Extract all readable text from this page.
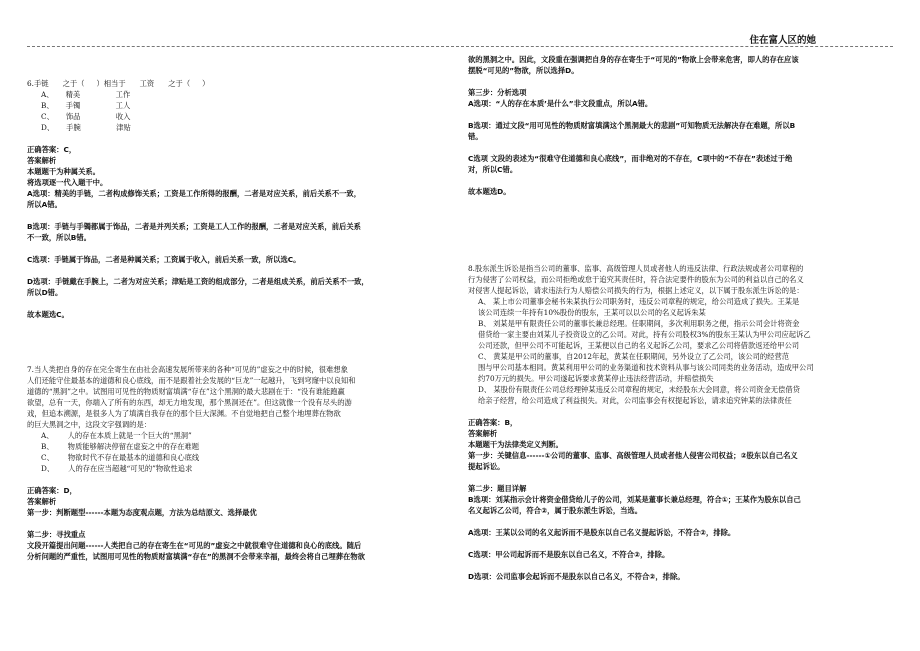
住在富人区的她

6.手链 之于（ ）相当于 工资 之于（ ）

A、 精美	工作

B、 手镯	工人

C、 饰品	收入

D、 手腕	津贴

正确答案：C，

答案解析

本题题干为种属关系。

将选项逐一代入题干中。

A选项：精美的手链，二者构成修饰关系；工资是工作所得的报酬，二者是对应关系，前后关系不一致，

所以A错。

B选项：手链与手镯都属于饰品，二者是并列关系；工资是工人工作的报酬，二者是对应关系，前后关系

不一致，所以B错。

C选项：手链属于饰品，二者是种属关系；工资属于收入，前后关系一致，所以选C。

D选项：手链戴在手腕上，二者为对应关系；津贴是工资的组成部分，二者是组成关系，前后关系不一致，

所以D错。

故本题选C。

7.当人类把自身的存在完全寄生在由社会高速发展所带来的各种“可见的”虚妄之中的时候，很难想象

人们还能守住最基本的道德和良心底线，而不是跟着社会发展的“巨龙”一起越升，飞到穹窿中以良知和

道德的“黑洞”之中。试图用可见性的物质财富填满“存在”这个黑洞的最大悲剧在于：“没有谁能跑赢

欲望，总有一天，你端入了所有的东西，却无力地发现，那个黑洞还在”。但这就像一个没有尽头的游

戏，但追本溯源，是很多人为了填满自我存在的那个巨大深渊。不自觉地把自己整个地埋葬在物欲

的巨大黑洞之中，这段文字强调的是：

A、 人的存在本质上就是一个巨大的“黑洞”

B、 物质能够解决停留在虚妄之中的存在难题

C、 物欲时代不存在最基本的道德和良心底线

D、 人的存在应当超越“可见的”物欲性追求

正确答案：D，

答案解析

第一步：判断题型------本题为态度观点题，方法为总结原文、选择最优

第二步：寻找重点

文段开篇提出问题------人类把自己的存在寄生在“可见的”虚妄之中就很难守住道德和良心的底线。随后

分析问题的严重性，试图用可见性的物质财富填满“存在”的黑洞不会带来幸福，最终会将自己埋葬在物欲

欲的黑洞之中。因此，文段重在强调把自身的存在寄生于“可见的”物欲上会带来危害，即人的存在应该

摆脱“可见的”物欲，所以选择D。

第三步：分析选项

A选项：“人的存在本质’是什么”非文段重点，所以A错。

B选项：通过文段“用可见性的物质财富填满这个黑洞最大的悲剧”可知物质无法解决存在难题，所以B

错。

C选项 文段的表述为“很难守住道德和良心底线”，而非绝对的不存在，C项中的“不存在”表述过于绝

对，所以C错。

故本题选D。

8.股东派生诉讼是指当公司的董事、监事、高级管理人员或者他人的违反法律、行政法规或者公司章程的

行为侵害了公司权益，而公司拒绝或怠于追究其责任时，符合法定要件的股东为公司的利益以自己的名义

对侵害人提起诉讼，请求违法行为人赔偿公司损失的行为，根据上述定义，以下属于股东派生诉讼的是：

A、 某上市公司董事会秘书朱某执行公司职务时，违反公司章程的规定，给公司造成了损失。王某是

该公司连续一年持有10%股份的股东，王某可以以公司的名义起诉朱某

B、 刘某是甲有限责任公司的董事长兼总经理。任职期间，多次利用职务之便，指示公司会计将资金

借贷给一家主要由刘某儿子投资设立的乙公司。对此，持有公司股权3%的股东王某认为甲公司应起诉乙

公司还款，但甲公司不可能起诉，王某便以自己的名义起诉乙公司，要求乙公司将借款返还给甲公司

C、 黄某是甲公司的董事，自2012年起，黄某在任职期间，另外设立了乙公司，该公司的经营范

围与甲公司基本相同。黄某利用甲公司的业务渠道和技术资料从事与该公司同类的业务活动，造成甲公司

约70万元的损失。甲公司遂起诉要求黄某停止违法经营活动，并赔偿损失

D、 某股份有限责任公司总经理钟某违反公司章程的规定，未经股东大会同意，将公司资金无偿借贷

给亲子经营，给公司造成了利益损失。对此，公司监事会有权提起诉讼，请求追究钟某的法律责任

正确答案：B，

答案解析

本题题干为法律类定义判断。

第一步：关键信息------①公司的董事、监事、高级管理人员或者他人侵害公司权益；②股东以自己名义

提起诉讼。

第二步：题目详解

B选项：刘某指示会计将资金借贷给儿子的公司，刘某是董事长兼总经理，符合①；王某作为股东以自己

名义起诉乙公司，符合②，属于股东派生诉讼，当选。

A选项：王某以公司的名义起诉而不是股东以自己名义提起诉讼，不符合②，排除。

C选项：甲公司起诉而不是股东以自己名义，不符合②，排除。

D选项：公司监事会起诉而不是股东以自己名义，不符合②，排除。
